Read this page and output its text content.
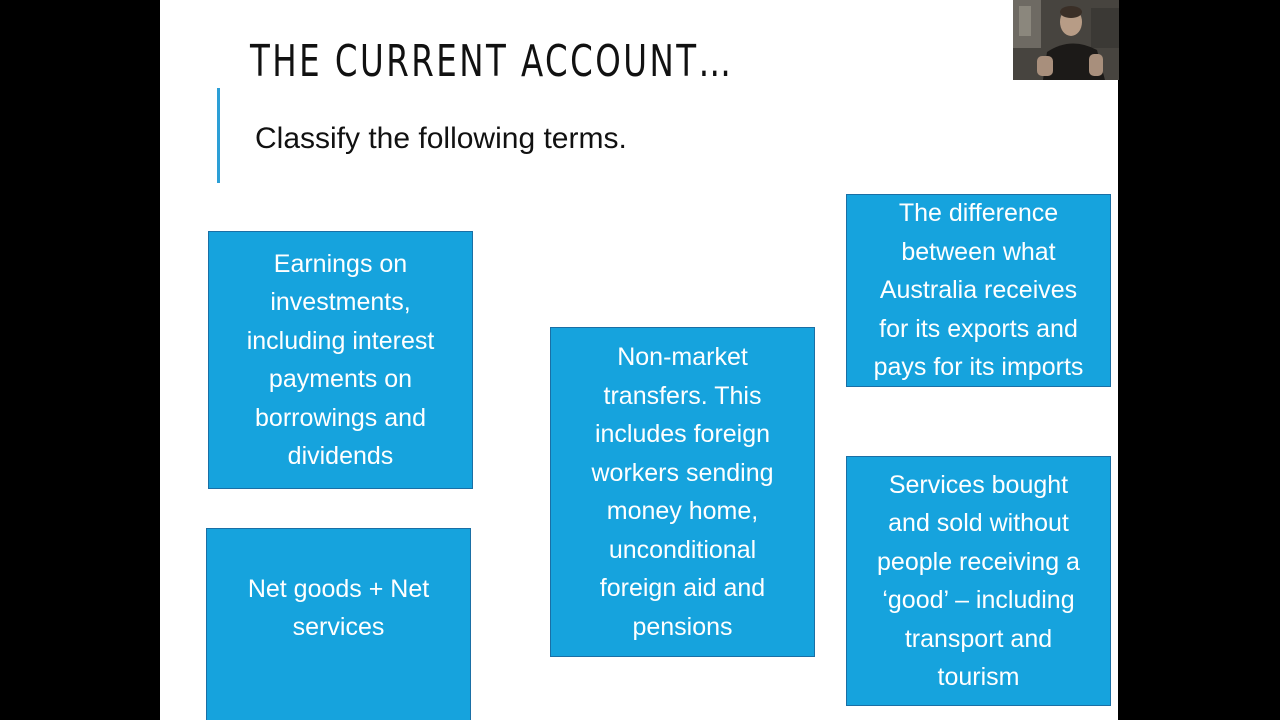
THE CURRENT ACCOUNT…
Classify the following terms.
Earnings on
investments,
including interest
payments on
borrowings and
dividends
Net goods + Net
services
Non-market
transfers. This
includes foreign
workers sending
money home,
unconditional
foreign aid and
pensions
The difference
between what
Australia receives
for its exports and
pays for its imports
Services bought
and sold without
people receiving a
‘good’ – including
transport and
tourism
